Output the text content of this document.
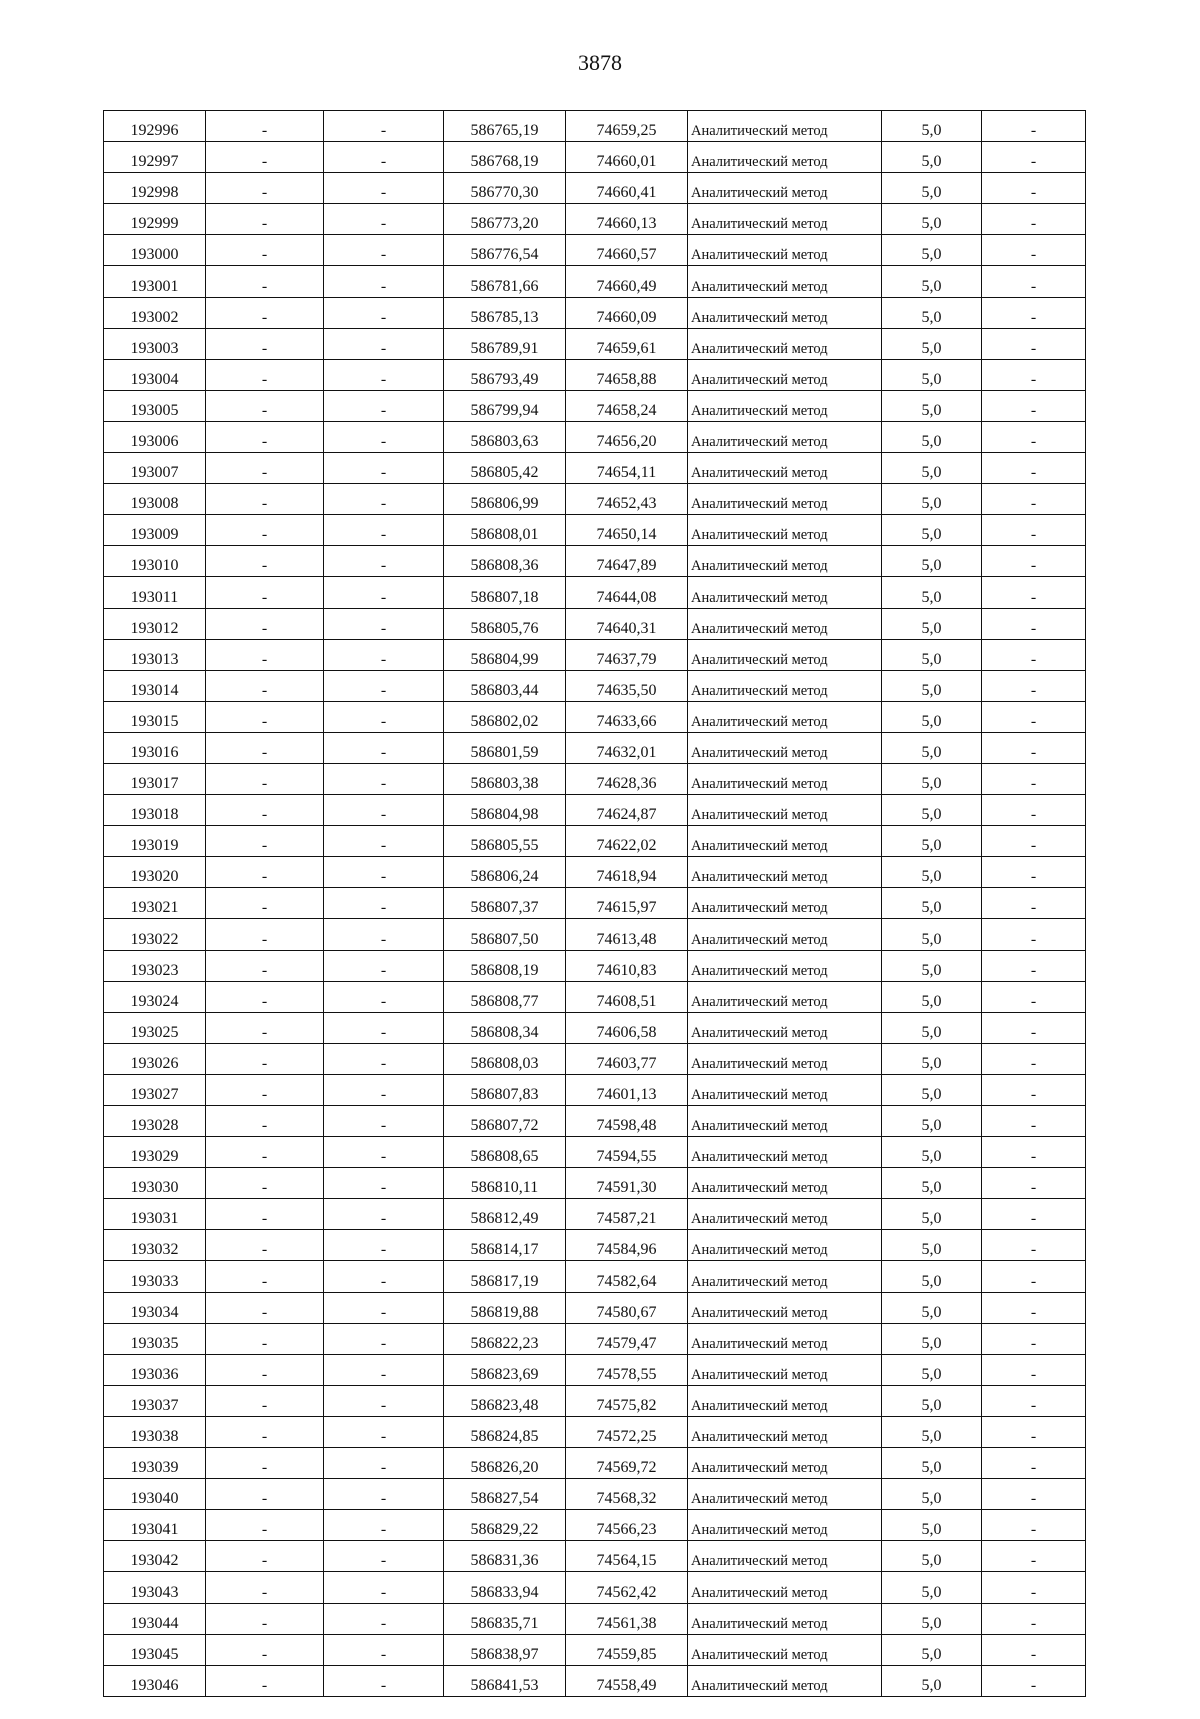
3878
192996	-	-	586765,19	74659,25	Аналитический метод	5,0	-
192997	-	-	586768,19	74660,01	Аналитический метод	5,0	-
192998	-	-	586770,30	74660,41	Аналитический метод	5,0	-
192999	-	-	586773,20	74660,13	Аналитический метод	5,0	-
193000	-	-	586776,54	74660,57	Аналитический метод	5,0	-
193001	-	-	586781,66	74660,49	Аналитический метод	5,0	-
193002	-	-	586785,13	74660,09	Аналитический метод	5,0	-
193003	-	-	586789,91	74659,61	Аналитический метод	5,0	-
193004	-	-	586793,49	74658,88	Аналитический метод	5,0	-
193005	-	-	586799,94	74658,24	Аналитический метод	5,0	-
193006	-	-	586803,63	74656,20	Аналитический метод	5,0	-
193007	-	-	586805,42	74654,11	Аналитический метод	5,0	-
193008	-	-	586806,99	74652,43	Аналитический метод	5,0	-
193009	-	-	586808,01	74650,14	Аналитический метод	5,0	-
193010	-	-	586808,36	74647,89	Аналитический метод	5,0	-
193011	-	-	586807,18	74644,08	Аналитический метод	5,0	-
193012	-	-	586805,76	74640,31	Аналитический метод	5,0	-
193013	-	-	586804,99	74637,79	Аналитический метод	5,0	-
193014	-	-	586803,44	74635,50	Аналитический метод	5,0	-
193015	-	-	586802,02	74633,66	Аналитический метод	5,0	-
193016	-	-	586801,59	74632,01	Аналитический метод	5,0	-
193017	-	-	586803,38	74628,36	Аналитический метод	5,0	-
193018	-	-	586804,98	74624,87	Аналитический метод	5,0	-
193019	-	-	586805,55	74622,02	Аналитический метод	5,0	-
193020	-	-	586806,24	74618,94	Аналитический метод	5,0	-
193021	-	-	586807,37	74615,97	Аналитический метод	5,0	-
193022	-	-	586807,50	74613,48	Аналитический метод	5,0	-
193023	-	-	586808,19	74610,83	Аналитический метод	5,0	-
193024	-	-	586808,77	74608,51	Аналитический метод	5,0	-
193025	-	-	586808,34	74606,58	Аналитический метод	5,0	-
193026	-	-	586808,03	74603,77	Аналитический метод	5,0	-
193027	-	-	586807,83	74601,13	Аналитический метод	5,0	-
193028	-	-	586807,72	74598,48	Аналитический метод	5,0	-
193029	-	-	586808,65	74594,55	Аналитический метод	5,0	-
193030	-	-	586810,11	74591,30	Аналитический метод	5,0	-
193031	-	-	586812,49	74587,21	Аналитический метод	5,0	-
193032	-	-	586814,17	74584,96	Аналитический метод	5,0	-
193033	-	-	586817,19	74582,64	Аналитический метод	5,0	-
193034	-	-	586819,88	74580,67	Аналитический метод	5,0	-
193035	-	-	586822,23	74579,47	Аналитический метод	5,0	-
193036	-	-	586823,69	74578,55	Аналитический метод	5,0	-
193037	-	-	586823,48	74575,82	Аналитический метод	5,0	-
193038	-	-	586824,85	74572,25	Аналитический метод	5,0	-
193039	-	-	586826,20	74569,72	Аналитический метод	5,0	-
193040	-	-	586827,54	74568,32	Аналитический метод	5,0	-
193041	-	-	586829,22	74566,23	Аналитический метод	5,0	-
193042	-	-	586831,36	74564,15	Аналитический метод	5,0	-
193043	-	-	586833,94	74562,42	Аналитический метод	5,0	-
193044	-	-	586835,71	74561,38	Аналитический метод	5,0	-
193045	-	-	586838,97	74559,85	Аналитический метод	5,0	-
193046	-	-	586841,53	74558,49	Аналитический метод	5,0	-
